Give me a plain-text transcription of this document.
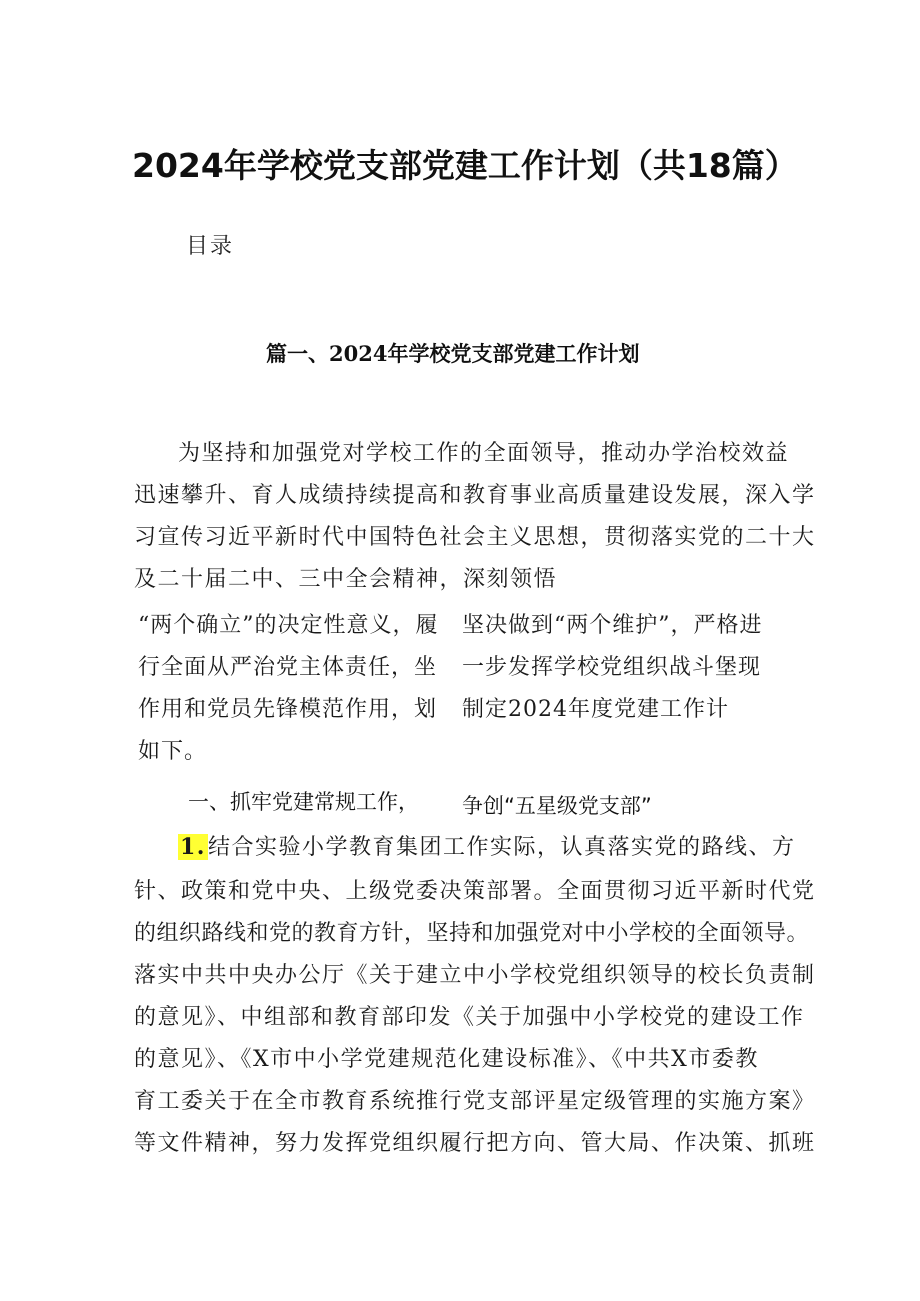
2024年学校党支部党建工作计划（共18篇）
目录
篇一、2024年学校党支部党建工作计划
为坚持和加强党对学校工作的全面领导，推动办学治校效益
迅速攀升、育人成绩持续提高和教育事业高质量建设发展，深入学
习宣传习近平新时代中国特色社会主义思想，贯彻落实党的二十大
及二十届二中、三中全会精神，深刻领悟
“两个确立”的决定性意义，履
行全面从严治党主体责任，坐
作用和党员先锋模范作用，划
如下。
坚决做到“两个维护”，严格进
一步发挥学校党组织战斗堡现
制定2024年度党建工作计
一、抓牢党建常规工作， 争创“五星级党支部”
1.结合实验小学教育集团工作实际，认真落实党的路线、方
针、政策和党中央、上级党委决策部署。全面贯彻习近平新时代党
的组织路线和党的教育方针，坚持和加强党对中小学校的全面领导。
落实中共中央办公厅《关于建立中小学校党组织领导的校长负责制
的意见》、中组部和教育部印发《关于加强中小学校党的建设工作
的意见》、《X市中小学党建规范化建设标准》、《中共X市委教
育工委关于在全市教育系统推行党支部评星定级管理的实施方案》
等文件精神，努力发挥党组织履行把方向、管大局、作决策、抓班
